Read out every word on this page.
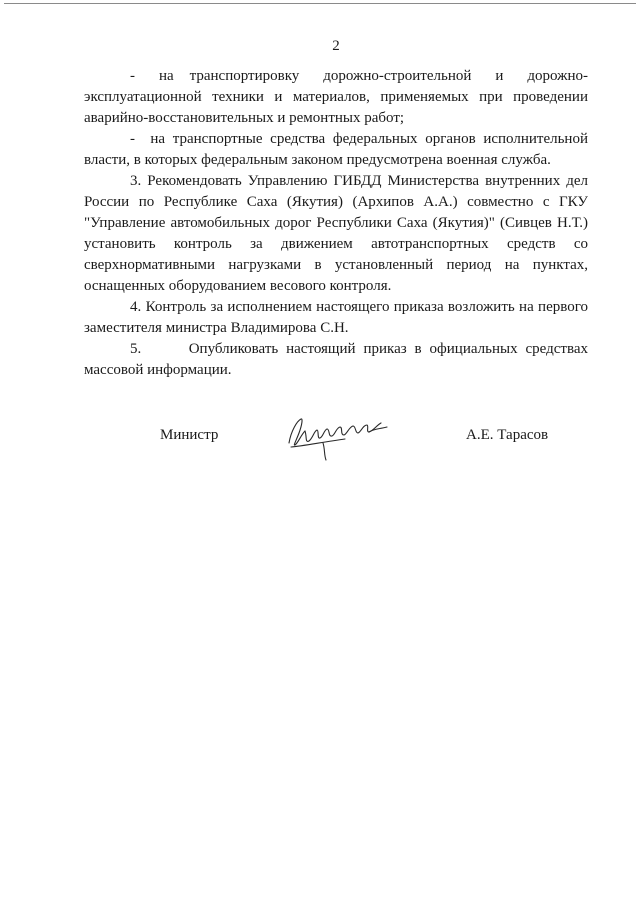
2

-   на  транспортировку   дорожно-строительной   и   дорожно-эксплуатационной техники и материалов, применяемых при проведении аварийно-восстановительных и ремонтных работ;

-  на транспортные средства федеральных органов исполнительной власти, в которых федеральным законом предусмотрена военная служба.

3. Рекомендовать Управлению ГИБДД Министерства внутренних дел России по Республике Саха (Якутия) (Архипов А.А.) совместно с ГКУ "Управление автомобильных дорог Республики Саха (Якутия)" (Сивцев Н.Т.) установить контроль за движением автотранспортных средств со сверхнормативными нагрузками в установленный период на пунктах, оснащенных оборудованием весового контроля.

4. Контроль за исполнением настоящего приказа возложить на первого заместителя министра Владимирова С.Н.

5.      Опубликовать настоящий приказ в официальных средствах массовой информации.

Министр	А.Е. Тарасов
